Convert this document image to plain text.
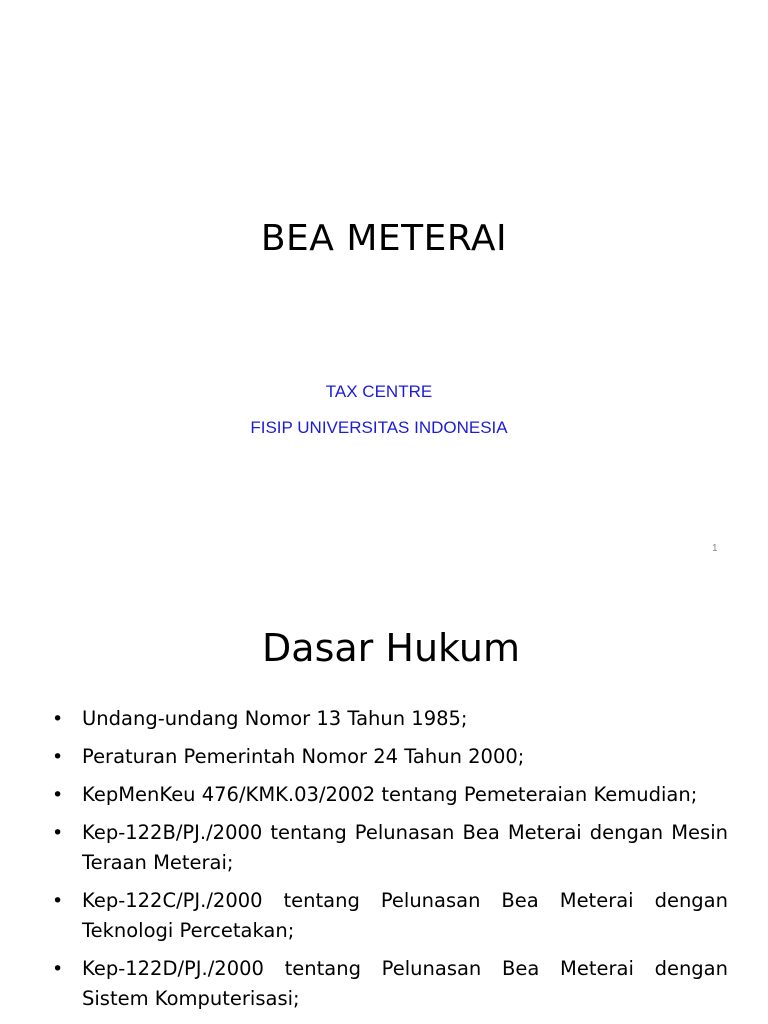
BEA METERAI
TAX CENTRE
FISIP UNIVERSITAS INDONESIA
1
Dasar Hukum
• Undang-undang Nomor 13 Tahun 1985;
• Peraturan Pemerintah Nomor 24 Tahun 2000;
• KepMenKeu 476/KMK.03/2002 tentang Pemeteraian Kemudian;
• Kep-122B/PJ./2000 tentang Pelunasan Bea Meterai dengan Mesin Teraan Meterai;
• Kep-122C/PJ./2000 tentang Pelunasan Bea Meterai dengan Teknologi Percetakan;
• Kep-122D/PJ./2000 tentang Pelunasan Bea Meterai dengan Sistem Komputerisasi;
